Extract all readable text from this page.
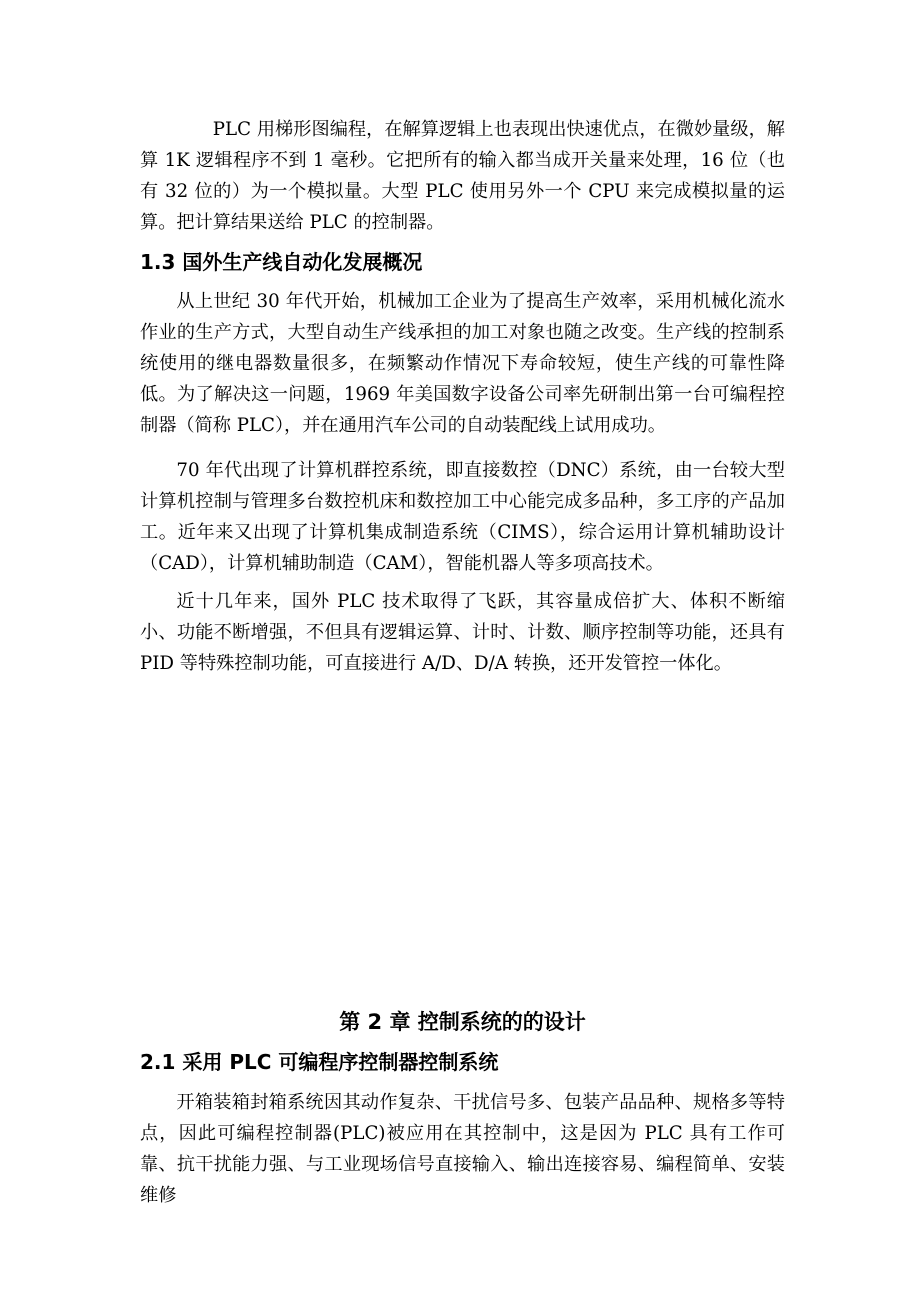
PLC 用梯形图编程，在解算逻辑上也表现出快速优点，在微妙量级，解算 1K 逻辑程序不到 1 毫秒。它把所有的输入都当成开关量来处理，16 位（也有 32 位的）为一个模拟量。大型 PLC 使用另外一个 CPU 来完成模拟量的运算。把计算结果送给 PLC 的控制器。

1.3 国外生产线自动化发展概况

从上世纪 30 年代开始，机械加工企业为了提高生产效率，采用机械化流水作业的生产方式，大型自动生产线承担的加工对象也随之改变。生产线的控制系统使用的继电器数量很多，在频繁动作情况下寿命较短，使生产线的可靠性降低。为了解决这一问题，1969 年美国数字设备公司率先研制出第一台可编程控制器（简称 PLC），并在通用汽车公司的自动装配线上试用成功。

70 年代出现了计算机群控系统，即直接数控（DNC）系统，由一台较大型计算机控制与管理多台数控机床和数控加工中心能完成多品种，多工序的产品加工。近年来又出现了计算机集成制造系统（CIMS），综合运用计算机辅助设计（CAD），计算机辅助制造（CAM），智能机器人等多项高技术。

近十几年来，国外 PLC 技术取得了飞跃，其容量成倍扩大、体积不断缩小、功能不断增强，不但具有逻辑运算、计时、计数、顺序控制等功能，还具有 PID 等特殊控制功能，可直接进行 A/D、D/A 转换，还开发管控一体化。

第 2 章 控制系统的的设计
2.1 采用 PLC 可编程序控制器控制系统

开箱装箱封箱系统因其动作复杂、干扰信号多、包装产品品种、规格多等特点，因此可编程控制器(PLC)被应用在其控制中，这是因为 PLC 具有工作可靠、抗干扰能力强、与工业现场信号直接输入、输出连接容易、编程简单、安装维修
